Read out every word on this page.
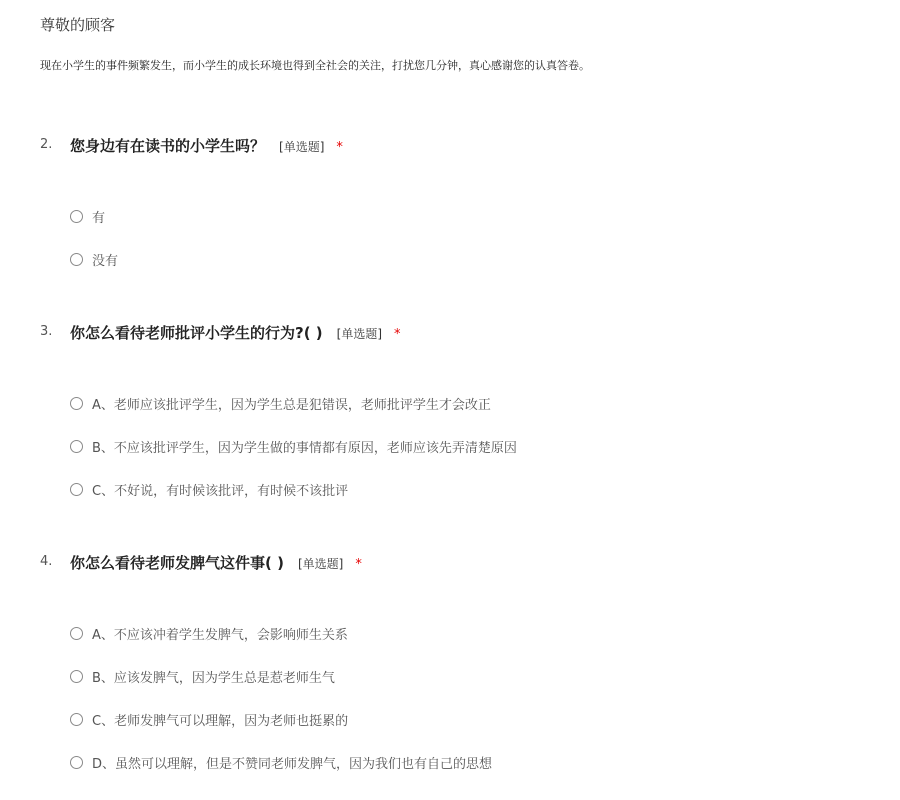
尊敬的顾客

现在小学生的事件频繁发生，而小学生的成长环境也得到全社会的关注，打扰您几分钟，真心感谢您的认真答卷。

2. 您身边有在读书的小学生吗？ [单选题] *
有
没有
3. 你怎么看待老师批评小学生的行为?( ) [单选题] *
A、老师应该批评学生，因为学生总是犯错误，老师批评学生才会改正
B、不应该批评学生，因为学生做的事情都有原因，老师应该先弄清楚原因
C、不好说，有时候该批评，有时候不该批评
4. 你怎么看待老师发脾气这件事( ) [单选题] *
A、不应该冲着学生发脾气，会影响师生关系
B、应该发脾气，因为学生总是惹老师生气
C、老师发脾气可以理解，因为老师也挺累的
D、虽然可以理解，但是不赞同老师发脾气，因为我们也有自己的思想
